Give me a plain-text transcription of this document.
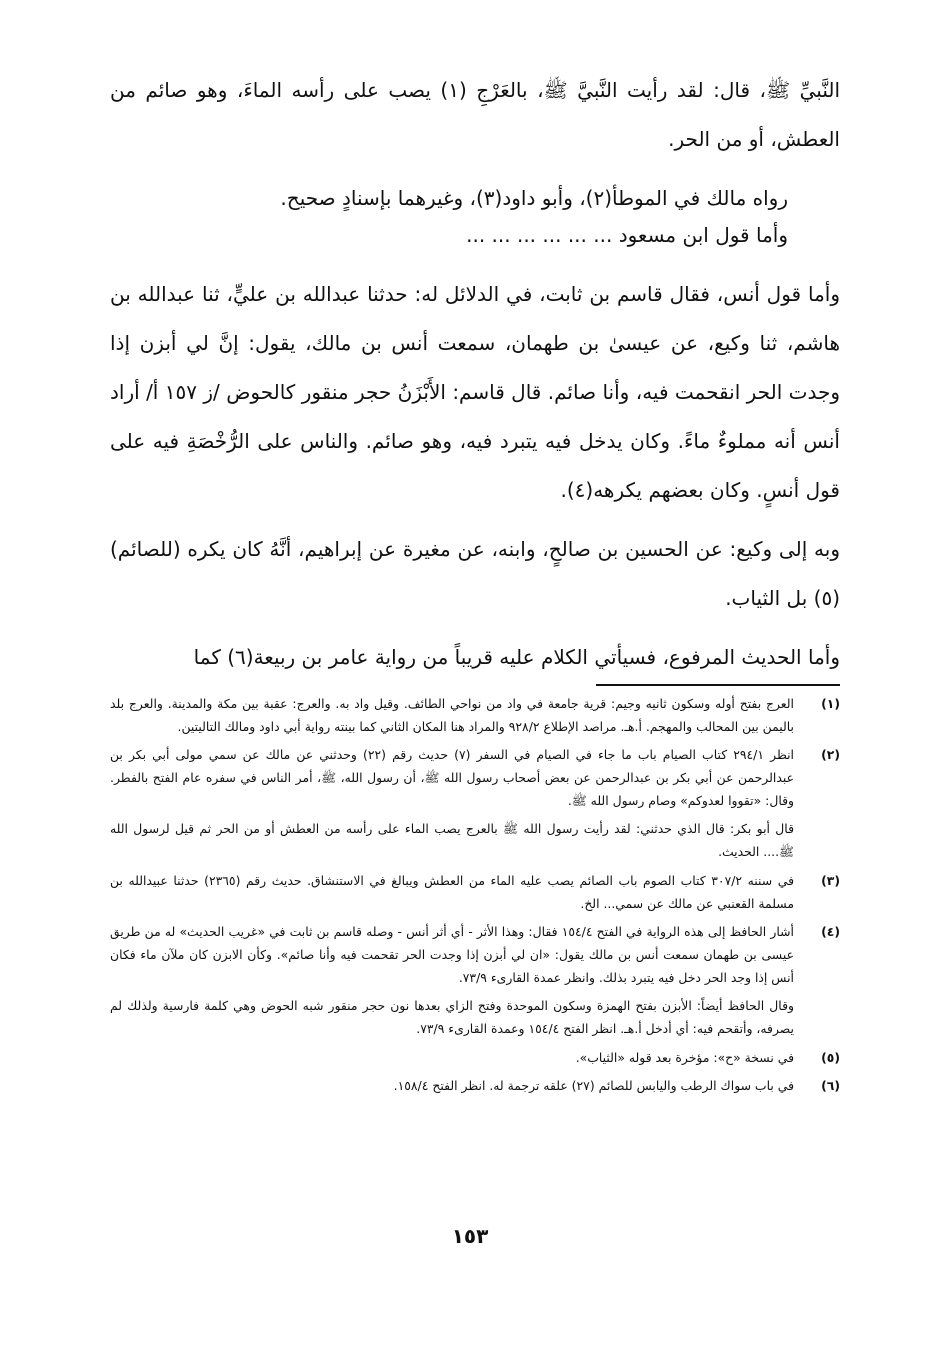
النَّبيِّ ﷺ، قال: لقد رأيت النَّبيَّ ﷺ، بالعَرْجِ (١) يصب على رأسه الماءَ، وهو صائم من العطش، أو من الحر.

رواه مالك في الموطأ(٢)، وأبو داود(٣)، وغيرهما بإسنادٍ صحيح.

وأما قول ابن مسعود ... ... ... ... ... ...

وأما قول أنس، فقال قاسم بن ثابت، في الدلائل له: حدثنا عبدالله بن عليٍّ، ثنا عبدالله بن هاشم، ثنا وكيع، عن عيسىٰ بن طهمان، سمعت أنس بن مالك، يقول: إنَّ لي أبزن إذا وجدت الحر انقحمت فيه، وأنا صائم. قال قاسم: الأَبْزَنُ حجر منقور كالحوض /ز ١٥٧ أ/ أراد أنس أنه مملوءٌ ماءً. وكان يدخل فيه يتبرد فيه، وهو صائم. والناس على الرُّخْصَةِ فيه على قول أنسٍ. وكان بعضهم يكرهه(٤).

وبه إلى وكيع: عن الحسين بن صالحٍ، وابنه، عن مغيرة عن إبراهيم، أنَّهُ كان يكره (للصائم)(٥) بل الثياب.

وأما الحديث المرفوع، فسيأتي الكلام عليه قريباً من رواية عامر بن ربيعة(٦) كما

(١)
العرج بفتح أوله وسكون ثانيه وجيم: قرية جامعة في واد من نواحي الطائف. وقيل واد به. والعرج: عقبة بين مكة والمدينة. والعرج بلد باليمن بين المحالب والمهجم. أ.هـ. مراصد الإطلاع ٩٢٨/٢ والمراد هنا المكان الثاني كما بينته رواية أبي داود ومالك التاليتين.
(٢)
انظر ٢٩٤/١ كتاب الصيام باب ما جاء في الصيام في السفر (٧) حديث رقم (٢٢) وحدثني عن مالك عن سمي مولى أبي بكر بن عبدالرحمن عن أبي بكر بن عبدالرحمن عن بعض أصحاب رسول الله ﷺ، أن رسول الله، ﷺ، أمر الناس في سفره عام الفتح بالفطر. وقال: «تقووا لعدوكم» وصام رسول الله ﷺ.
قال أبو بكر: قال الذي حدثني: لقد رأيت رسول الله ﷺ بالعرج يصب الماء على رأسه من العطش أو من الحر ثم قيل لرسول الله ﷺ.... الحديث.
(٣)
في سننه ٣٠٧/٢ كتاب الصوم باب الصائم يصب عليه الماء من العطش ويبالغ في الاستنشاق. حديث رقم (٢٣٦٥) حدثنا عبيدالله بن مسلمة القعنبي عن مالك عن سمي... الخ.
(٤)
أشار الحافظ إلى هذه الرواية في الفتح ١٥٤/٤ فقال: وهذا الأثر - أي أثر أنس - وصله قاسم بن ثابت في «غريب الحديث» له من طريق عيسى بن طهمان سمعت أنس بن مالك يقول: «ان لي أبزن إذا وجدت الحر تقحمت فيه وأنا صائم». وكأن الابزن كان ملآن ماء فكان أنس إذا وجد الحر دخل فيه يتبرد بذلك. وانظر عمدة القارىء ٧٣/٩.
وقال الحافظ أيضاً: الأبزن بفتح الهمزة وسكون الموحدة وفتح الزاي بعدها نون حجر منقور شبه الحوض وهي كلمة فارسية ولذلك لم يصرفه، وأتقحم فيه: أي أدخل أ.هـ. انظر الفتح ١٥٤/٤ وعمدة القارىء ٧٣/٩.
(٥)
في نسخة «ح»: مؤخرة بعد قوله «الثياب».
(٦)
في باب سواك الرطب واليابس للصائم (٢٧) علقه ترجمة له. انظر الفتح ١٥٨/٤.
١٥٣
